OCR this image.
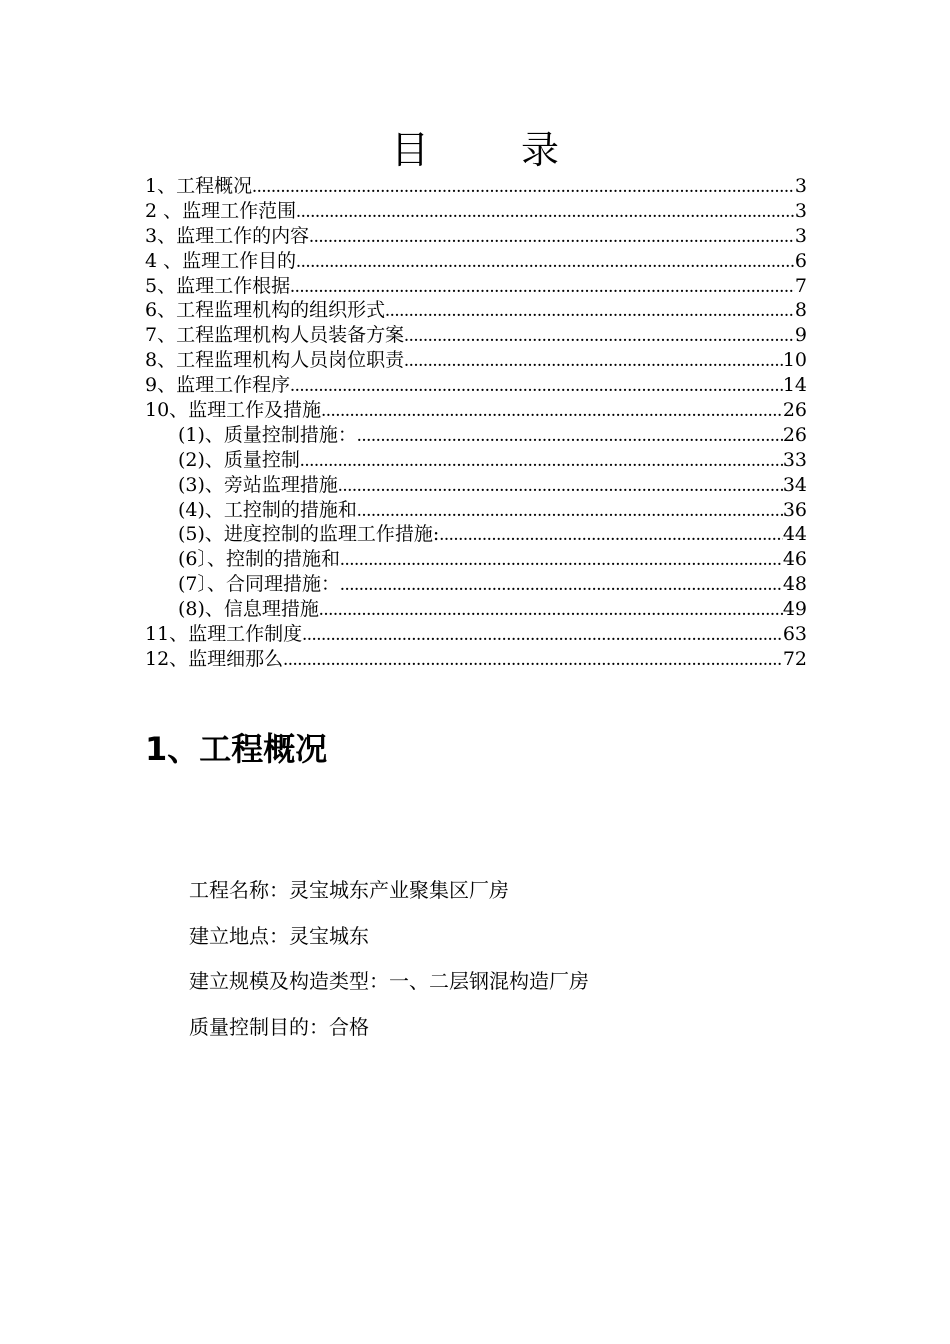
目 录
1、工程概况 .....	3
2 、监理工作范围 .....	3
3、监理工作的内容 .....	3
4 、监理工作目的 .....	6
5、监理工作根据 .....	7
6、工程监理机构的组织形式 .....	8
7、工程监理机构人员装备方案 .....	9
8、工程监理机构人员岗位职责 .....	10
9、监理工作程序 .....	14
10、监理工作及措施 .....	26
(1)、质量控制措施： .....	26
(2)、质量控制 .....	33
(3)、旁站监理措施 .....	34
(4)、工控制的措施和 .....	36
(5)、进度控制的监理工作措施: .....	44
(6〕、控制的措施和 .....	46
(7〕、合同理措施： .....	48
(8)、信息理措施 .....	49
11、监理工作制度 .....	63
12、监理细那么 .....	72
1、工程概况
工程名称：灵宝城东产业聚集区厂房
建立地点：灵宝城东
建立规模及构造类型：一、二层钢混构造厂房
质量控制目的：合格
